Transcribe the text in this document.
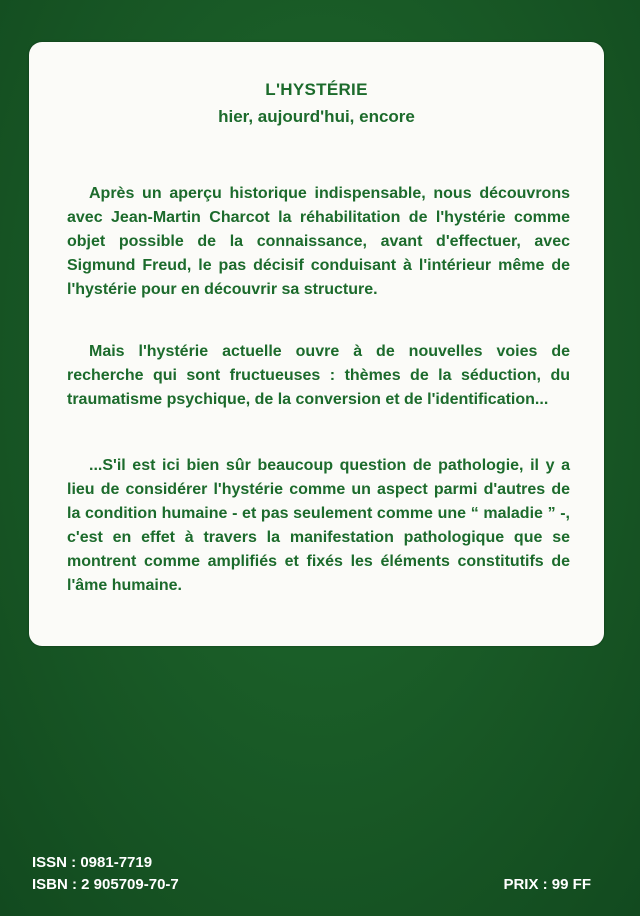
L'HYSTÉRIE
hier, aujourd'hui, encore

Après un aperçu historique indispensable, nous découvrons avec Jean-Martin Charcot la réhabilitation de l'hystérie comme objet possible de la connaissance, avant d'effectuer, avec Sigmund Freud, le pas décisif conduisant à l'intérieur même de l'hystérie pour en découvrir sa structure.

Mais l'hystérie actuelle ouvre à de nouvelles voies de recherche qui sont fructueuses : thèmes de la séduction, du traumatisme psychique, de la conversion et de l'identification...

...S'il est ici bien sûr beaucoup question de pathologie, il y a lieu de considérer l'hystérie comme un aspect parmi d'autres de la condition humaine - et pas seulement comme une “ maladie ” -, c'est en effet à travers la manifestation pathologique que se montrent comme amplifiés et fixés les éléments constitutifs de l'âme humaine.

ISSN : 0981-7719

ISBN : 2 905709-70-7	PRIX : 99 FF
